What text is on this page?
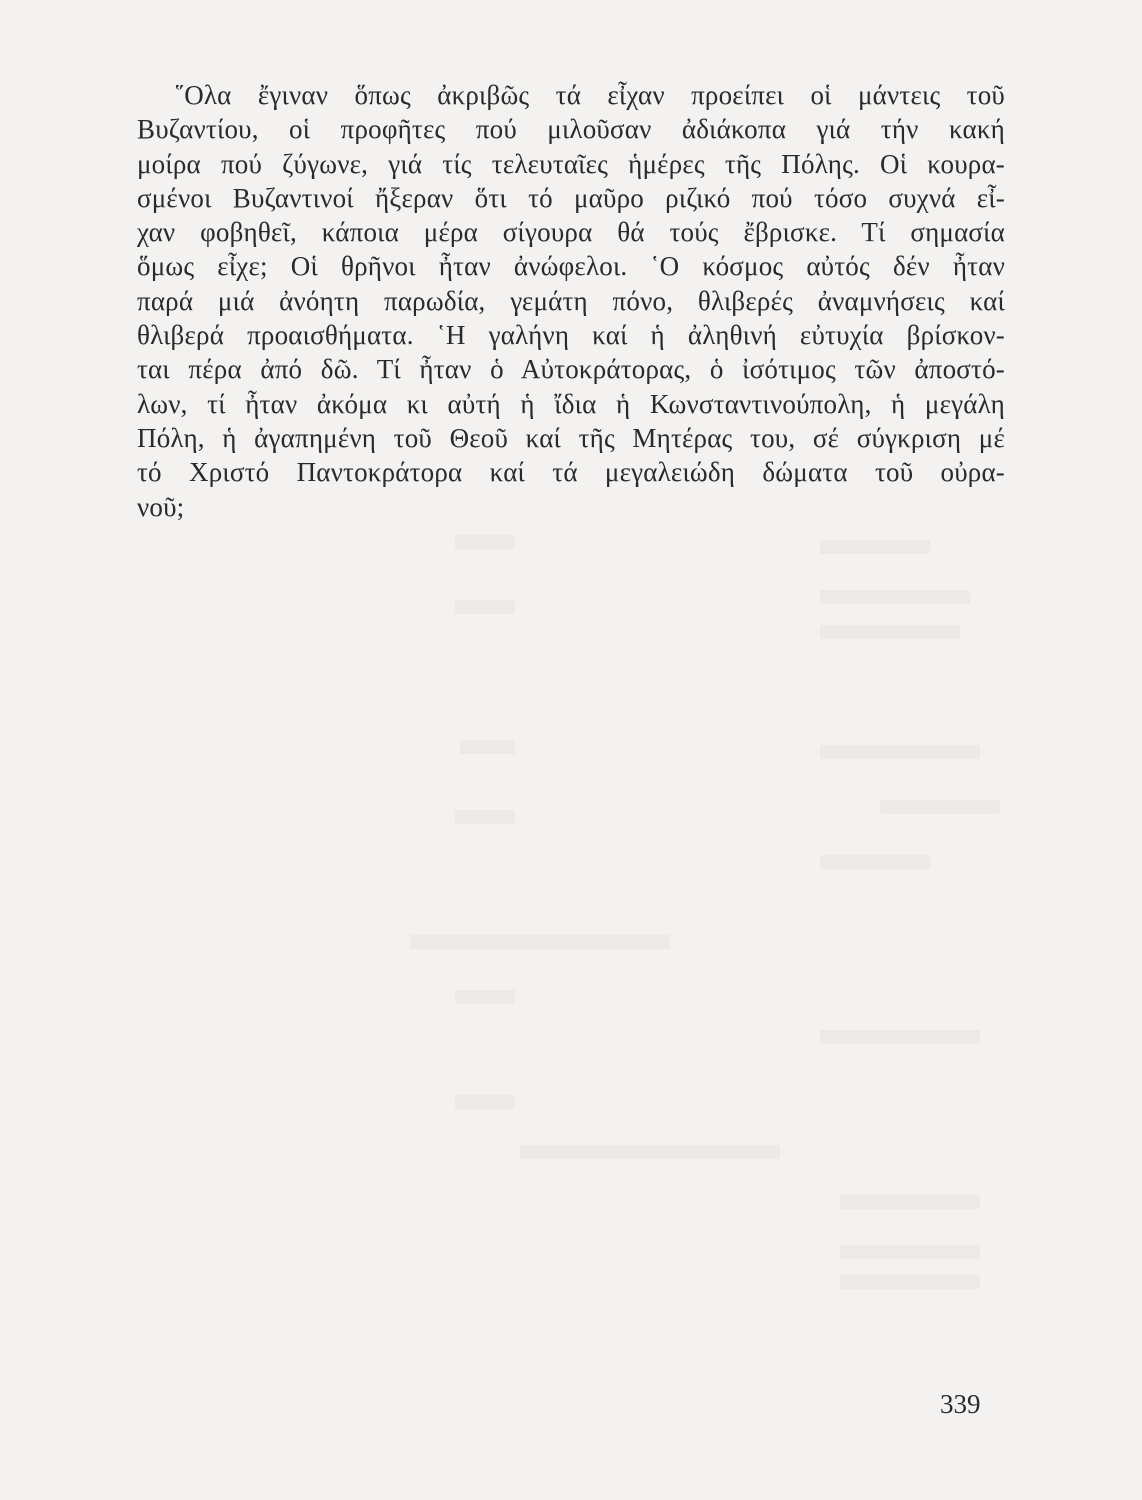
῞Ολα ἔγιναν ὅπως ἀκριβῶς τά εἶχαν προείπει οἱ μάντεις τοῦ
Βυζαντίου, οἱ προφῆτες πού μιλοῦσαν ἀδιάκοπα γιά τήν κακή
μοίρα πού ζύγωνε, γιά τίς τελευταῖες ἡμέρες τῆς Πόλης. Οἱ κουρα-
σμένοι Βυζαντινοί ἤξεραν ὅτι τό μαῦρο ριζικό πού τόσο συχνά εἶ-
χαν φοβηθεῖ, κάποια μέρα σίγουρα θά τούς ἔβρισκε. Τί σημασία
ὅμως εἶχε; Οἱ θρῆνοι ἦταν ἀνώφελοι. ῾Ο κόσμος αὐτός δέν ἦταν
παρά μιά ἀνόητη παρωδία, γεμάτη πόνο, θλιβερές ἀναμνήσεις καί
θλιβερά προαισθήματα. ῾Η γαλήνη καί ἡ ἀληθινή εὐτυχία βρίσκον-
ται πέρα ἀπό δῶ. Τί ἦταν ὁ Αὐτοκράτορας, ὁ ἰσότιμος τῶν ἀποστό-
λων, τί ἦταν ἀκόμα κι αὐτή ἡ ἴδια ἡ Κωνσταντινούπολη, ἡ μεγάλη
Πόλη, ἡ ἀγαπημένη τοῦ Θεοῦ καί τῆς Μητέρας του, σέ σύγκριση μέ
τό Χριστό Παντοκράτορα καί τά μεγαλειώδη δώματα τοῦ οὐρα-
νοῦ;
339
